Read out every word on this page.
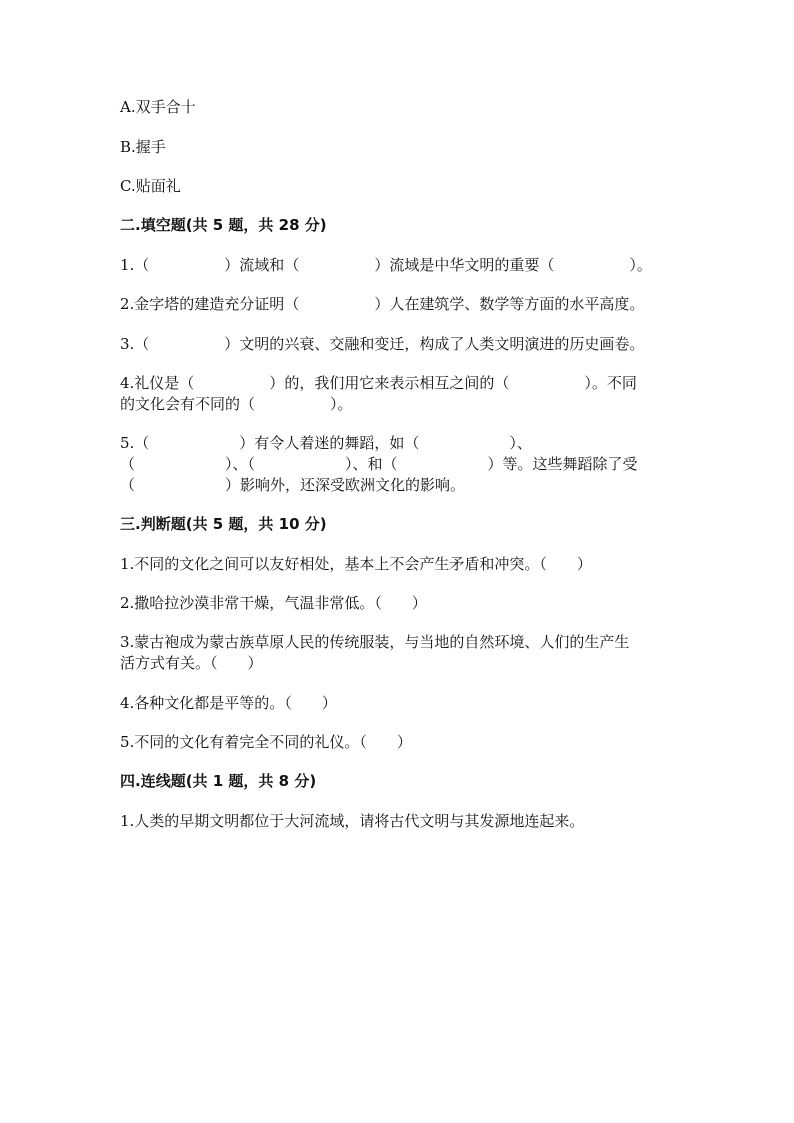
A.双手合十
B.握手
C.贴面礼
二.填空题(共 5 题，共 28 分)
1.（　　　　　）流域和（　　　　　）流域是中华文明的重要（　　　　　）。
2.金字塔的建造充分证明（　　　　　）人在建筑学、数学等方面的水平高度。
3.（　　　　　）文明的兴衰、交融和变迁，构成了人类文明演进的历史画卷。
4.礼仪是（　　　　　）的，我们用它来表示相互之间的（　　　　　）。不同
的文化会有不同的（　　　　　）。
5.（　　　　　　）有令人着迷的舞蹈，如（　　　　　　）、
（　　　　　　）、（　　　　　　）、和（　　　　　　）等。这些舞蹈除了受
（　　　　　　）影响外，还深受欧洲文化的影响。
三.判断题(共 5 题，共 10 分)
1.不同的文化之间可以友好相处，基本上不会产生矛盾和冲突。（　　）
2.撒哈拉沙漠非常干燥，气温非常低。（　　）
3.蒙古袍成为蒙古族草原人民的传统服装，与当地的自然环境、人们的生产生
活方式有关。（　　）
4.各种文化都是平等的。（　　）
5.不同的文化有着完全不同的礼仪。（　　）
四.连线题(共 1 题，共 8 分)
1.人类的早期文明都位于大河流域，请将古代文明与其发源地连起来。
